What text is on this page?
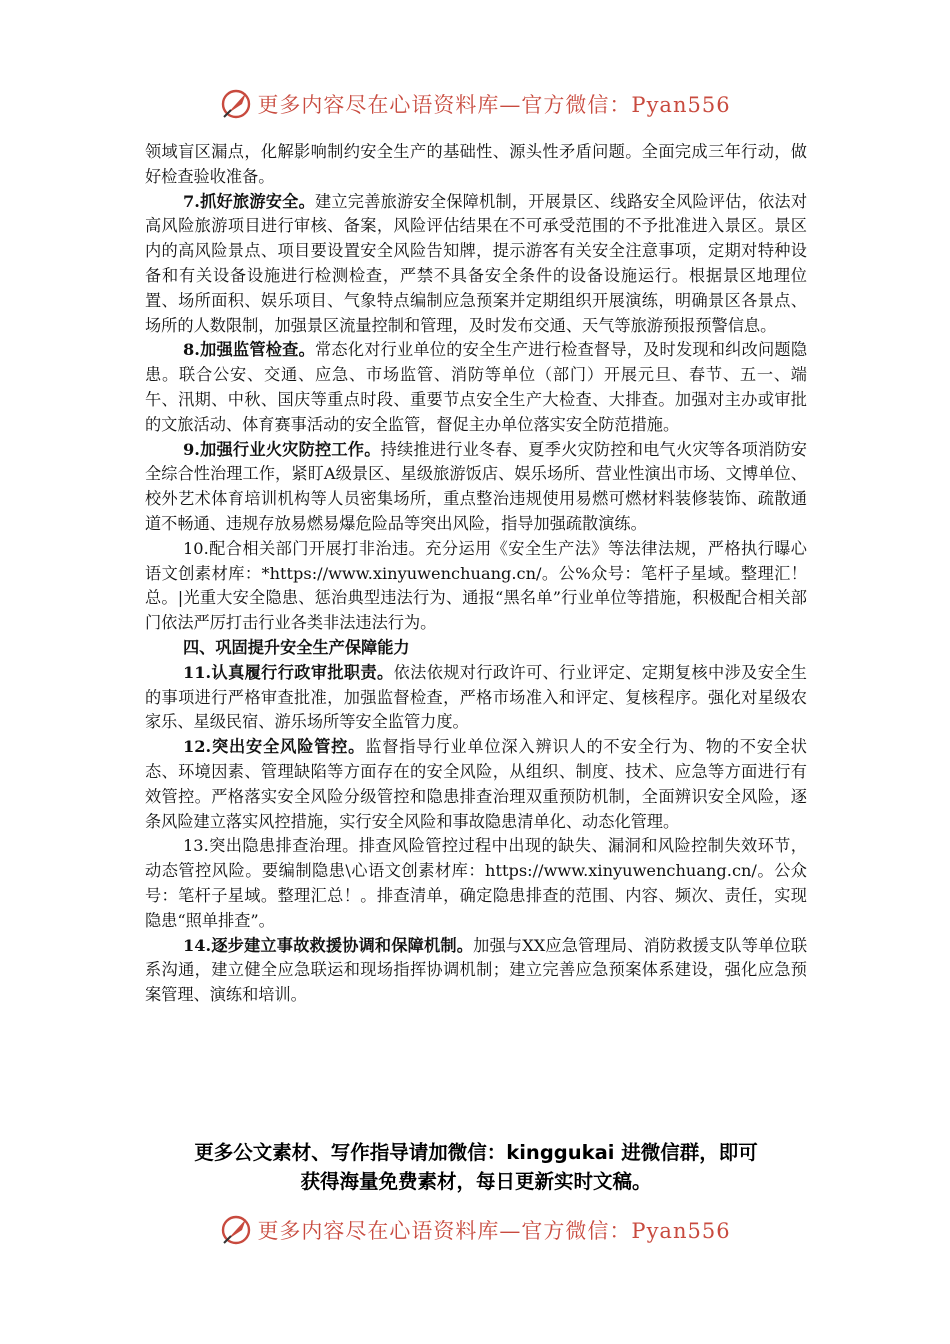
更多内容尽在心语资料库—官方微信：Pyan556

领域盲区漏点，化解影响制约安全生产的基础性、源头性矛盾问题。全面完成三年行动，做好检查验收准备。

7.抓好旅游安全。建立完善旅游安全保障机制，开展景区、线路安全风险评估，依法对高风险旅游项目进行审核、备案，风险评估结果在不可承受范围的不予批准进入景区。景区内的高风险景点、项目要设置安全风险告知牌，提示游客有关安全注意事项，定期对特种设备和有关设备设施进行检测检查，严禁不具备安全条件的设备设施运行。根据景区地理位置、场所面积、娱乐项目、气象特点编制应急预案并定期组织开展演练，明确景区各景点、场所的人数限制，加强景区流量控制和管理，及时发布交通、天气等旅游预报预警信息。

8.加强监管检查。常态化对行业单位的安全生产进行检查督导，及时发现和纠改问题隐患。联合公安、交通、应急、市场监管、消防等单位（部门）开展元旦、春节、五一、端午、汛期、中秋、国庆等重点时段、重要节点安全生产大检查、大排查。加强对主办或审批的文旅活动、体育赛事活动的安全监管，督促主办单位落实安全防范措施。

9.加强行业火灾防控工作。持续推进行业冬春、夏季火灾防控和电气火灾等各项消防安全综合性治理工作，紧盯A级景区、星级旅游饭店、娱乐场所、营业性演出市场、文博单位、校外艺术体育培训机构等人员密集场所，重点整治违规使用易燃可燃材料装修装饰、疏散通道不畅通、违规存放易燃易爆危险品等突出风险，指导加强疏散演练。

10.配合相关部门开展打非治违。充分运用《安全生产法》等法律法规，严格执行曝心语文创素材库：*https://www.xinyuwenchuang.cn/。公%众号：笔杆子星域。整理汇！总。|光重大安全隐患、惩治典型违法行为、通报“黑名单”行业单位等措施，积极配合相关部门依法严厉打击行业各类非法违法行为。

四、巩固提升安全生产保障能力

11.认真履行行政审批职责。依法依规对行政许可、行业评定、定期复核中涉及安全生的事项进行严格审查批准，加强监督检查，严格市场准入和评定、复核程序。强化对星级农家乐、星级民宿、游乐场所等安全监管力度。

12.突出安全风险管控。监督指导行业单位深入辨识人的不安全行为、物的不安全状态、环境因素、管理缺陷等方面存在的安全风险，从组织、制度、技术、应急等方面进行有效管控。严格落实安全风险分级管控和隐患排查治理双重预防机制，全面辨识安全风险，逐条风险建立落实风控措施，实行安全风险和事故隐患清单化、动态化管理。

13.突出隐患排查治理。排查风险管控过程中出现的缺失、漏洞和风险控制失效环节，动态管控风险。要编制隐患\心语文创素材库：https://www.xinyuwenchuang.cn/。公众号：笔杆子星域。整理汇总！。排查清单，确定隐患排查的范围、内容、频次、责任，实现隐患“照单排查”。

14.逐步建立事故救援协调和保障机制。加强与XX应急管理局、消防救援支队等单位联系沟通，建立健全应急联运和现场指挥协调机制；建立完善应急预案体系建设，强化应急预案管理、演练和培训。

更多公文素材、写作指导请加微信：kinggukai 进微信群，即可
获得海量免费素材，每日更新实时文稿。
更多内容尽在心语资料库—官方微信：Pyan556
